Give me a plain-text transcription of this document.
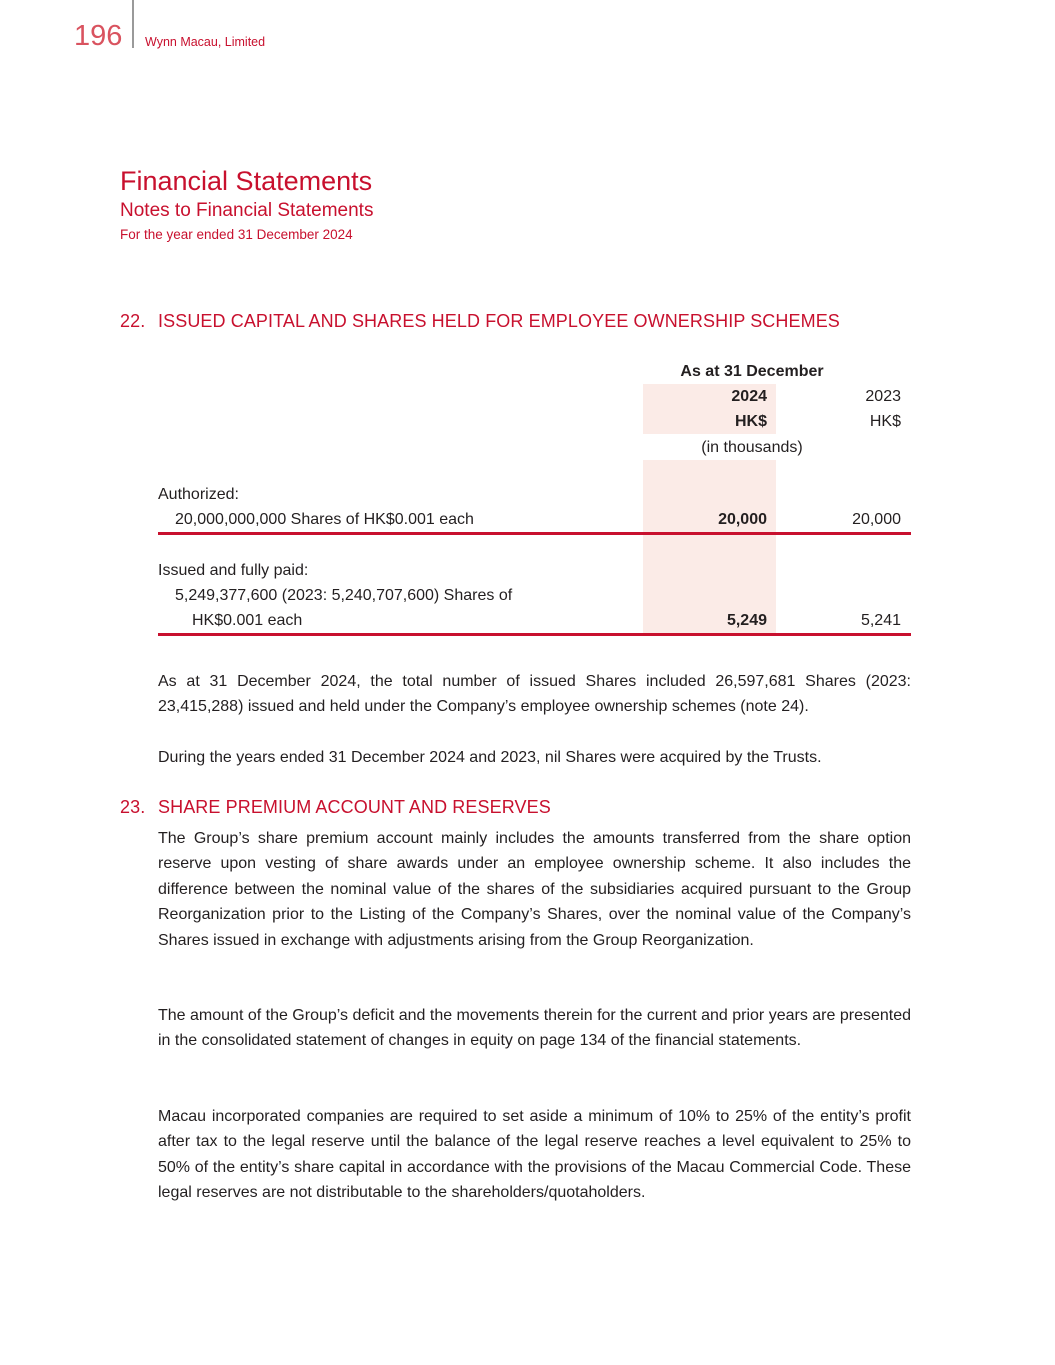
196 Wynn Macau, Limited
Financial Statements
Notes to Financial Statements
For the year ended 31 December 2024
22. ISSUED CAPITAL AND SHARES HELD FOR EMPLOYEE OWNERSHIP SCHEMES
As at 31 December
2024	2023
HK$	HK$
(in thousands)
Authorized:
20,000,000,000 Shares of HK$0.001 each	20,000	20,000
Issued and fully paid:
5,249,377,600 (2023: 5,240,707,600) Shares of
HK$0.001 each	5,249	5,241

As at 31 December 2024, the total number of issued Shares included 26,597,681 Shares (2023: 23,415,288) issued and held under the Company’s employee ownership schemes (note 24).

During the years ended 31 December 2024 and 2023, nil Shares were acquired by the Trusts.

23. SHARE PREMIUM ACCOUNT AND RESERVES

The Group’s share premium account mainly includes the amounts transferred from the share option reserve upon vesting of share awards under an employee ownership scheme. It also includes the difference between the nominal value of the shares of the subsidiaries acquired pursuant to the Group Reorganization prior to the Listing of the Company’s Shares, over the nominal value of the Company’s Shares issued in exchange with adjustments arising from the Group Reorganization.

The amount of the Group’s deficit and the movements therein for the current and prior years are presented in the consolidated statement of changes in equity on page 134 of the financial statements.

Macau incorporated companies are required to set aside a minimum of 10% to 25% of the entity’s profit after tax to the legal reserve until the balance of the legal reserve reaches a level equivalent to 25% to 50% of the entity’s share capital in accordance with the provisions of the Macau Commercial Code. These legal reserves are not distributable to the shareholders/quotaholders.
